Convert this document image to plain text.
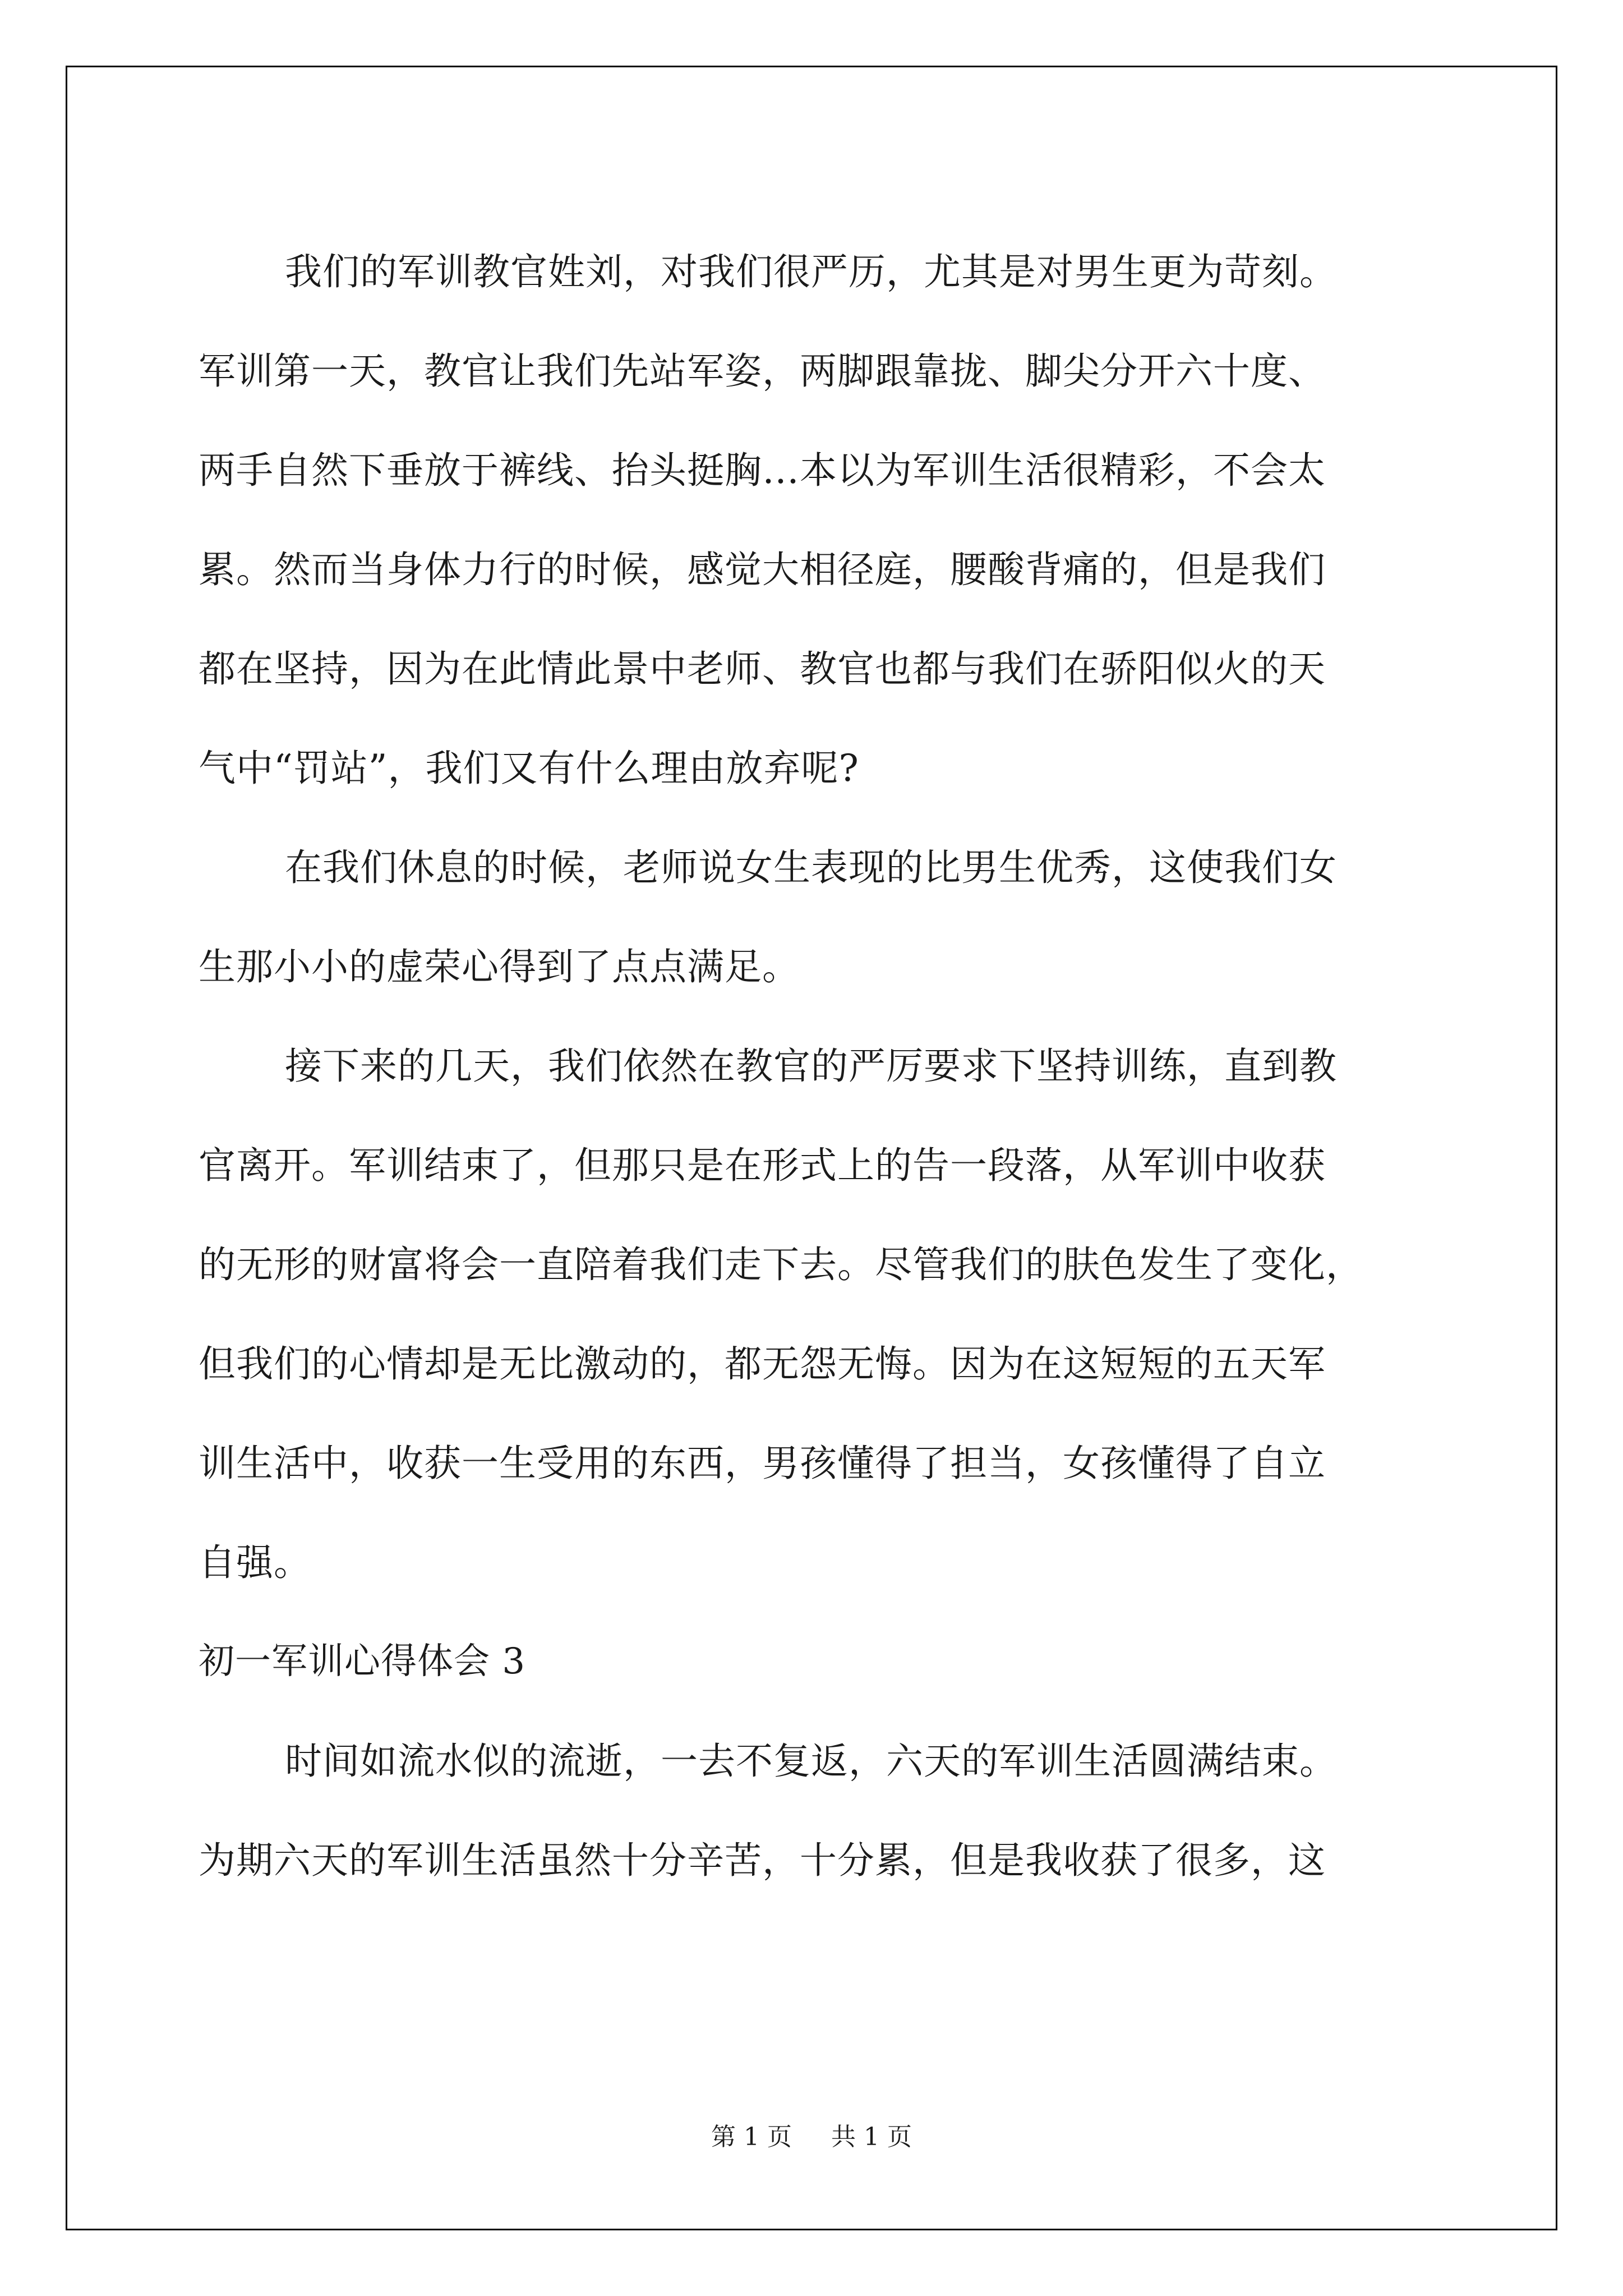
我们的军训教官姓刘，对我们很严历，尤其是对男生更为苛刻。
军训第一天，教官让我们先站军姿，两脚跟靠拢、脚尖分开六十度、
两手自然下垂放于裤线、抬头挺胸…本以为军训生活很精彩，不会太
累。然而当身体力行的时候，感觉大相径庭，腰酸背痛的，但是我们
都在坚持，因为在此情此景中老师、教官也都与我们在骄阳似火的天
气中“罚站”，我们又有什么理由放弃呢?
在我们休息的时候，老师说女生表现的比男生优秀，这使我们女
生那小小的虚荣心得到了点点满足。
接下来的几天，我们依然在教官的严厉要求下坚持训练，直到教
官离开。军训结束了，但那只是在形式上的告一段落，从军训中收获
的无形的财富将会一直陪着我们走下去。尽管我们的肤色发生了变化，
但我们的心情却是无比激动的，都无怨无悔。因为在这短短的五天军
训生活中，收获一生受用的东西，男孩懂得了担当，女孩懂得了自立
自强。
初一军训心得体会 3
时间如流水似的流逝，一去不复返，六天的军训生活圆满结束。
为期六天的军训生活虽然十分辛苦，十分累，但是我收获了很多，这
第 1 页 共 1 页
